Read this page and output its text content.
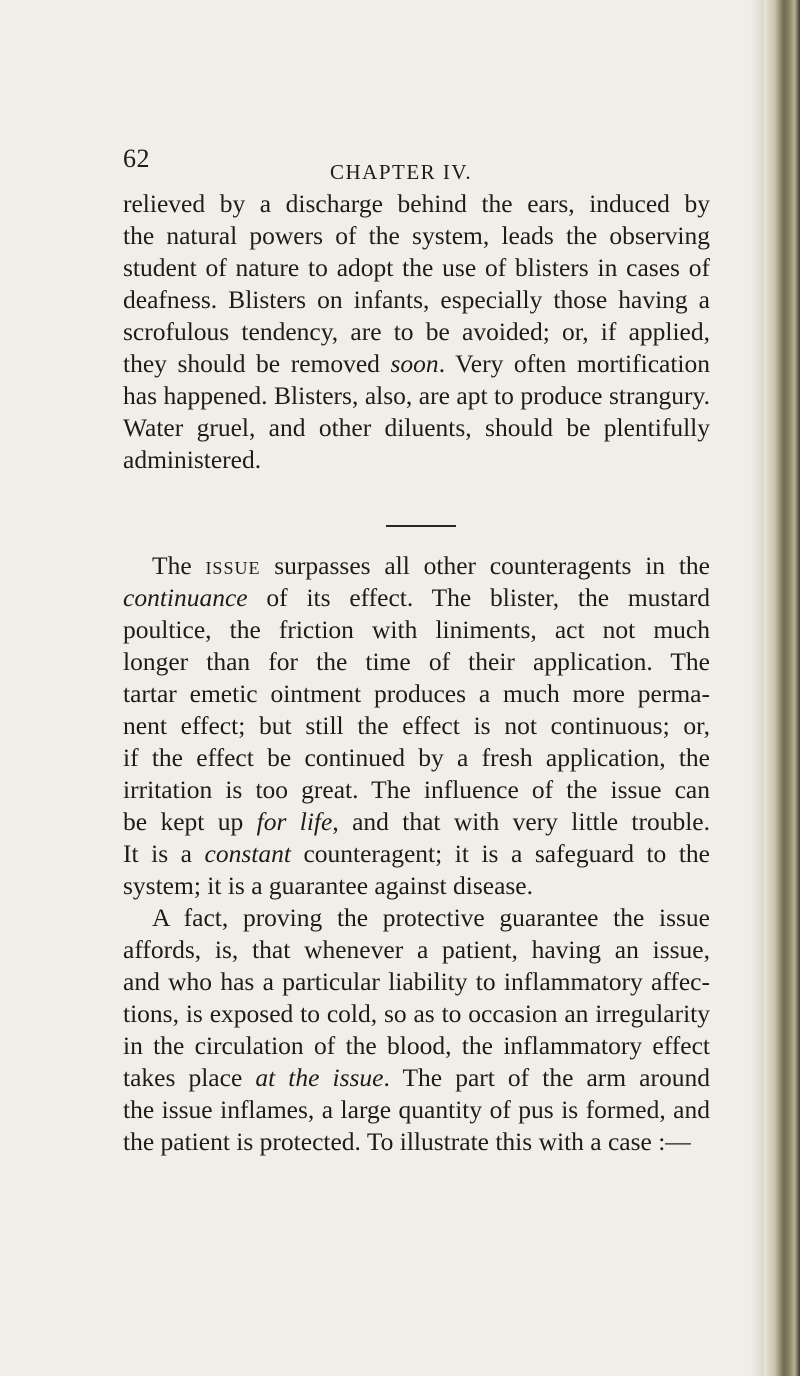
62	CHAPTER IV.
relieved by a discharge behind the ears, induced by
the natural powers of the system, leads the observing
student of nature to adopt the use of blisters in cases of
deafness. Blisters on infants, especially those having a
scrofulous tendency, are to be avoided; or, if applied,
they should be removed soon. Very often mortification
has happened. Blisters, also, are apt to produce strangury.
Water gruel, and other diluents, should be plentifully
administered.
The issue surpasses all other counteragents in the
continuance of its effect. The blister, the mustard
poultice, the friction with liniments, act not much
longer than for the time of their application. The
tartar emetic ointment produces a much more perma-
nent effect; but still the effect is not continuous; or,
if the effect be continued by a fresh application, the
irritation is too great. The influence of the issue can
be kept up for life, and that with very little trouble.
It is a constant counteragent; it is a safeguard to the
system; it is a guarantee against disease.
A fact, proving the protective guarantee the issue
affords, is, that whenever a patient, having an issue,
and who has a particular liability to inflammatory affec-
tions, is exposed to cold, so as to occasion an irregularity
in the circulation of the blood, the inflammatory effect
takes place at the issue. The part of the arm around
the issue inflames, a large quantity of pus is formed, and
the patient is protected. To illustrate this with a case :—
